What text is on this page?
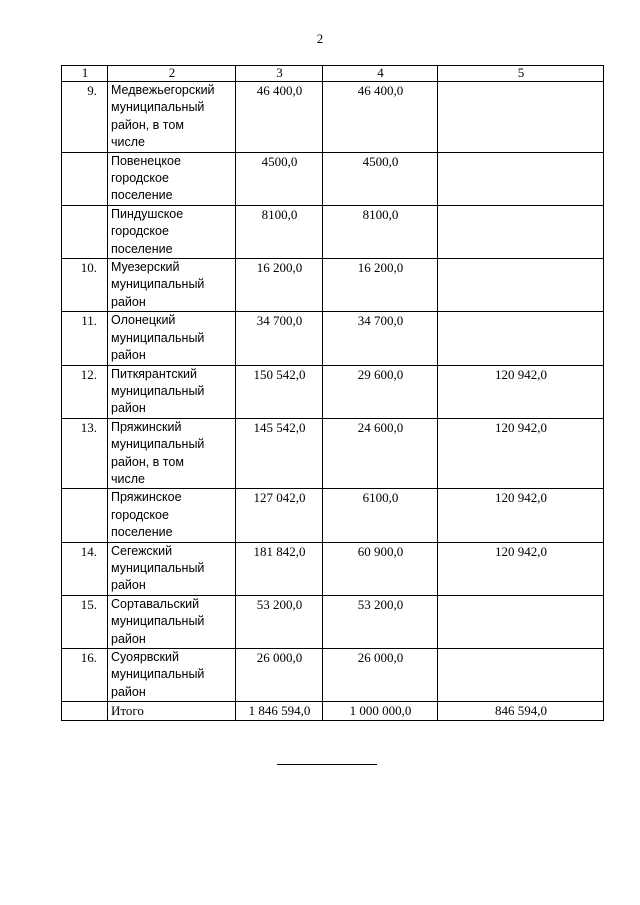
2
1	2	3	4	5
9.	Медвежьегорский
муниципальный
район, в том
числе	46 400,0	46 400,0	

	Повенецкое
городское
поселение	4500,0	4500,0	

	Пиндушское
городское
поселение	8100,0	8100,0	
10.	Муезерский
муниципальный
район	16 200,0	16 200,0	
11.	Олонецкий
муниципальный
район	34 700,0	34 700,0	
12.	Питкярантский
муниципальный
район	150 542,0	29 600,0	120 942,0
13.	Пряжинский
муниципальный
район, в том
числе	145 542,0	24 600,0	120 942,0

	Пряжинское
городское
поселение	127 042,0	6100,0	120 942,0
14.	Сегежский
муниципальный
район	181 842,0	60 900,0	120 942,0
15.	Сортавальский
муниципальный
район	53 200,0	53 200,0	
16.	Суоярвский
муниципальный
район	26 000,0	26 000,0	
	Итого	1 846 594,0	1 000 000,0	846 594,0
